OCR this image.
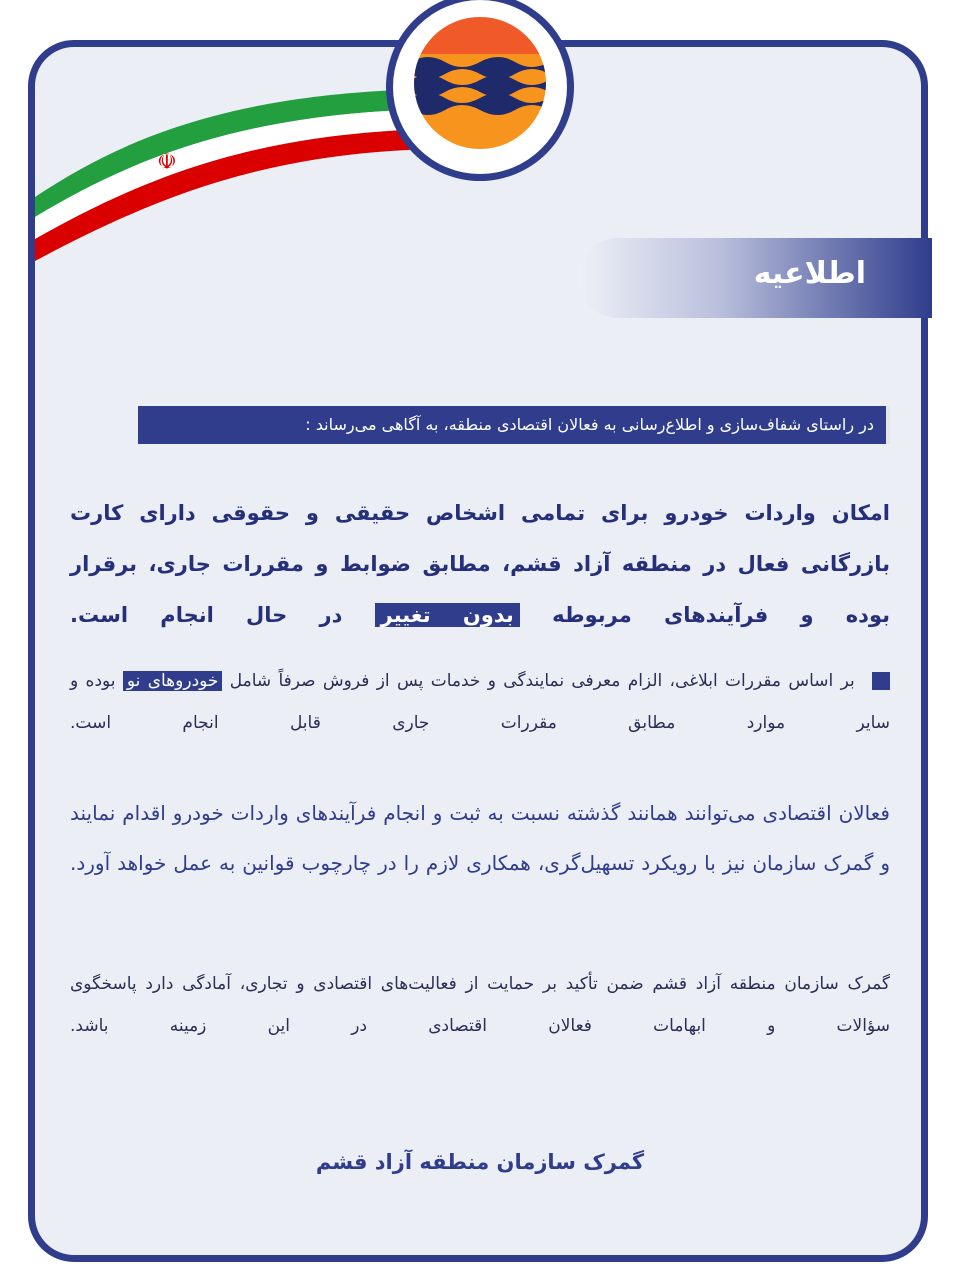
☫
اطلاعیه
در راستای شفاف‌سازی و اطلاع‌رسانی به فعالان اقتصادی منطقه، به آگاهی می‌رساند :
امکان واردات خودرو برای تمامی اشخاص حقیقی و حقوقی دارای کارت بازرگانی فعال در منطقه آزاد قشم، مطابق ضوابط و مقررات جاری، برقرار بوده و فرآیندهای مربوطه بدون تغییر در حال انجام است.
بر اساس مقررات ابلاغی، الزام معرفی نمایندگی و خدمات پس از فروش صرفاً شامل خودروهای نو بوده و سایر موارد مطابق مقررات جاری قابل انجام است.
فعالان اقتصادی می‌توانند همانند گذشته نسبت به ثبت و انجام فرآیندهای واردات خودرو اقدام نمایند و گمرک سازمان نیز با رویکرد تسهیل‌گری، همکاری لازم را در چارچوب قوانین به عمل خواهد آورد.
گمرک سازمان منطقه آزاد قشم ضمن تأکید بر حمایت از فعالیت‌های اقتصادی و تجاری، آمادگی دارد پاسخگوی سؤالات و ابهامات فعالان اقتصادی در این زمینه باشد.
گمرک سازمان منطقه آزاد قشم
